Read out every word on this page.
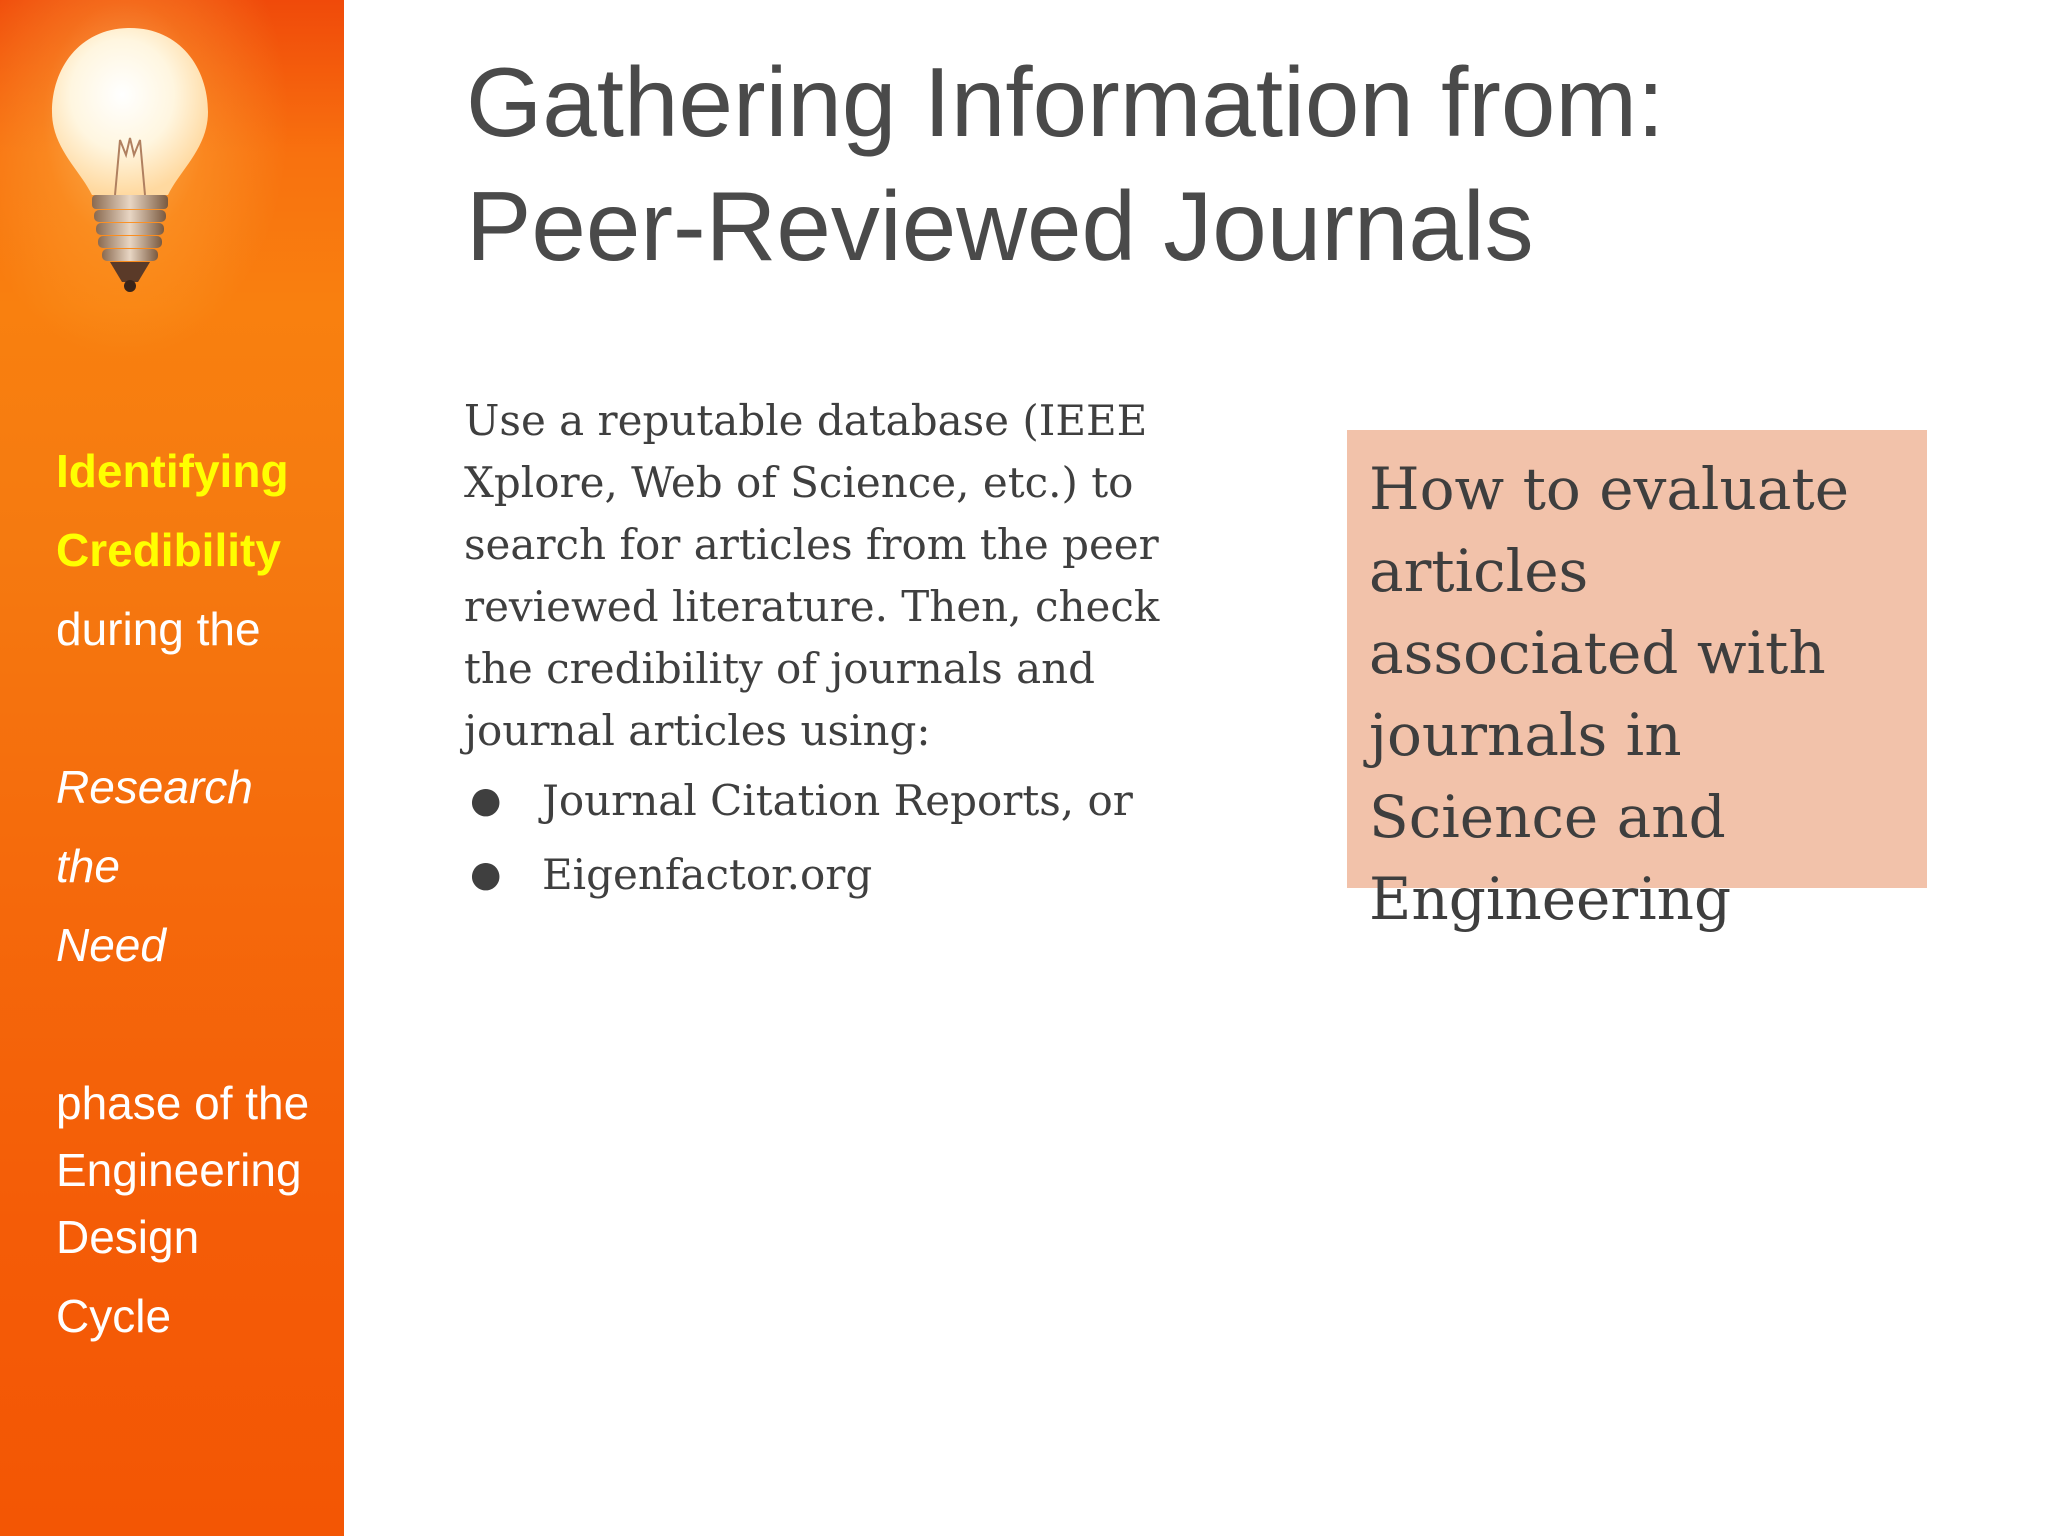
Identifying
Credibility
during the
Research
the
Need
phase of the
Engineering
Design
Cycle
Gathering Information from:
Peer-Reviewed Journals
Use a reputable database (IEEE Xplore, Web of Science, etc.) to search for articles from the peer reviewed literature. Then, check the credibility of journals and journal articles using:
● Journal Citation Reports, or
● Eigenfactor.org
How to evaluate articles associated with journals in Science and Engineering
